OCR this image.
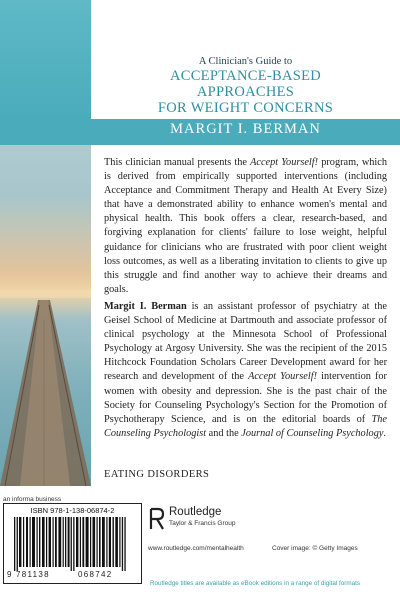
A Clinician's Guide to
ACCEPTANCE-BASED
APPROACHES
FOR WEIGHT CONCERNS
MARGIT I. BERMAN
This clinician manual presents the Accept Yourself! program, which is derived from empirically supported interventions (including Acceptance and Commitment Therapy and Health At Every Size) that have a demonstrated ability to enhance women's mental and physical health. This book offers a clear, research-based, and forgiving explanation for clients' failure to lose weight, helpful guidance for clinicians who are frustrated with poor client weight loss outcomes, as well as a liberating invitation to clients to give up this struggle and find another way to achieve their dreams and goals.
Margit I. Berman is an assistant professor of psychiatry at the Geisel School of Medicine at Dartmouth and associate professor of clinical psychology at the Minnesota School of Professional Psychology at Argosy University. She was the recipient of the 2015 Hitchcock Foundation Scholars Career Development award for her research and development of the Accept Yourself! intervention for women with obesity and depression. She is the past chair of the Society for Counseling Psychology's Section for the Promotion of Psychotherapy Science, and is on the editorial boards of The Counseling Psychologist and the Journal of Counseling Psychology.
EATING DISORDERS
an informa business
ISBN 978-1-138-06874-2
9 781138	068742
Routledge
Taylor & Francis Group
www.routledge.com/mentalhealth	Cover image: © Getty Images
Routledge titles are available as eBook editions in a range of digital formats
